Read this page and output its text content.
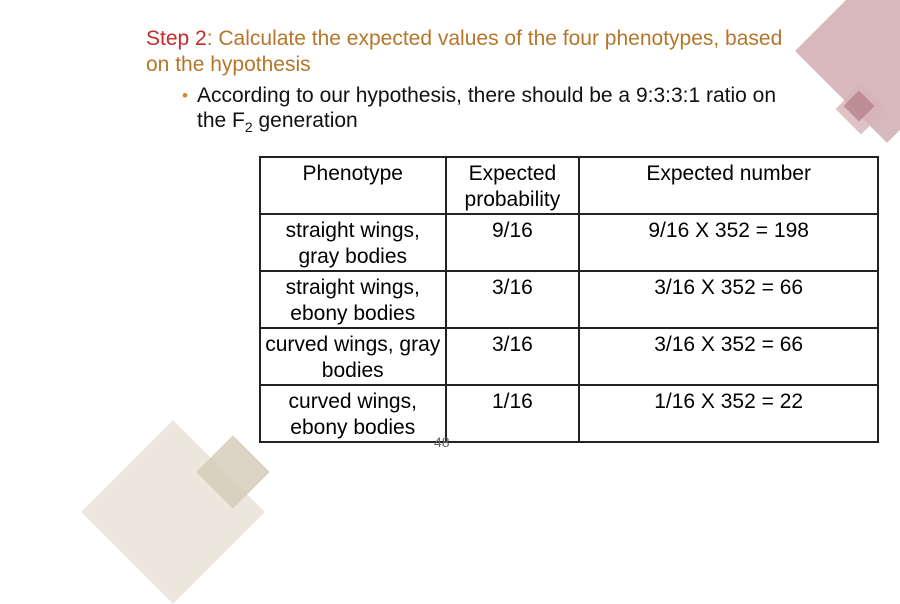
Step 2: Calculate the expected values of the four phenotypes, based on the hypothesis
• According to our hypothesis, there should be a 9:3:3:1 ratio on the $F_2$ generation
Phenotype	Expected probability	Expected number
straight wings, gray bodies	9/16	9/16 X 352 = 198
straight wings, ebony bodies	3/16	3/16 X 352 = 66
curved wings, gray bodies	3/16	3/16 X 352 = 66
curved wings, ebony bodies	1/16	1/16 X 352 = 22
48
